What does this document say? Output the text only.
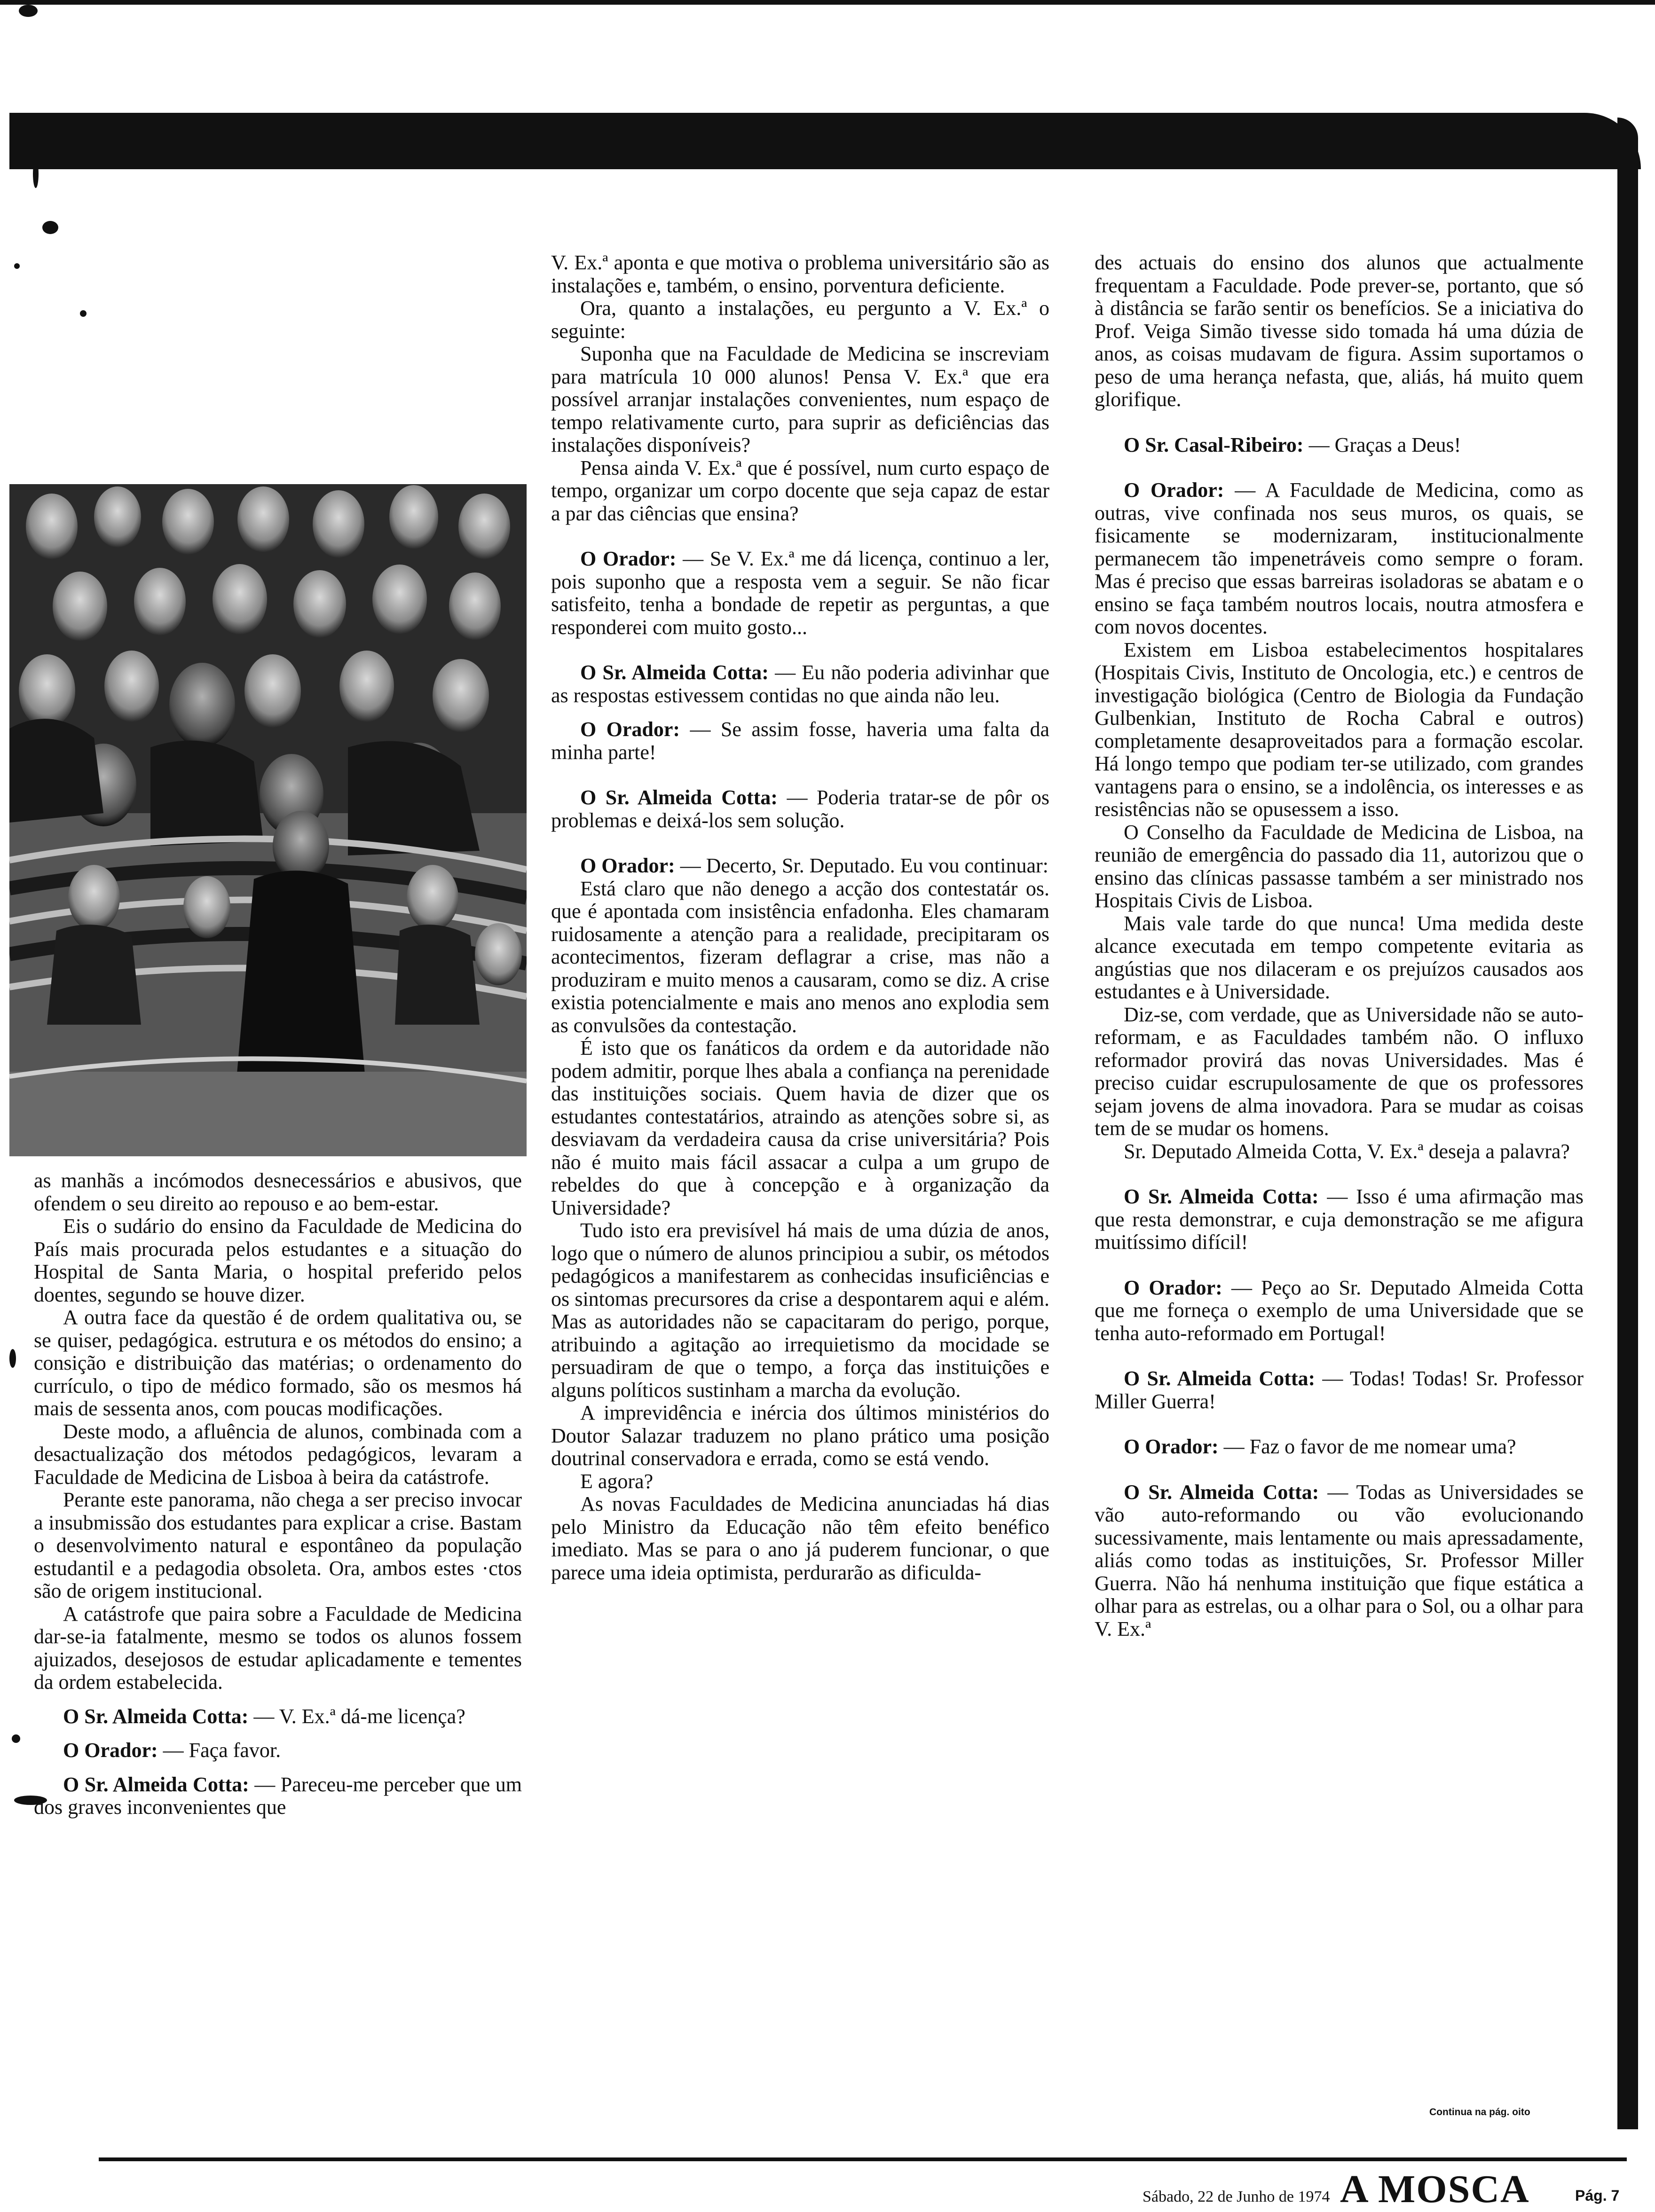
as manhãs a incómodos desnecessários e abusivos, que ofendem o seu direito ao repouso e ao bem-estar.

Eis o sudário do ensino da Faculdade de Medicina do País mais procurada pelos estudantes e a situação do Hospital de Santa Maria, o hospital preferido pelos doentes, segundo se houve dizer.

A outra face da questão é de ordem qualitativa ou, se se quiser, pedagógica. estrutura e os métodos do ensino; a consição e distribuição das matérias; o ordenamento do currículo, o tipo de médico formado, são os mesmos há mais de sessenta anos, com poucas modificações.

Deste modo, a afluência de alunos, combinada com a desactualização dos métodos pedagógicos, levaram a Faculdade de Medicina de Lisboa à beira da catástrofe.

Perante este panorama, não chega a ser preciso invocar a insubmissão dos estudantes para explicar a crise. Bastam o desenvolvimento natural e espontâneo da população estudantil e a pedagodia obsoleta. Ora, ambos estes ·ctos são de origem institucional.

A catástrofe que paira sobre a Faculdade de Medicina dar-se-ia fatalmente, mesmo se todos os alunos fossem ajuizados, desejosos de estudar aplicadamente e tementes da ordem estabelecida.

O Sr. Almeida Cotta: — V. Ex.ª dá-me licença?

O Orador: — Faça favor.

O Sr. Almeida Cotta: — Pareceu-me perceber que um dos graves inconvenientes que

V. Ex.ª aponta e que motiva o problema universitário são as instalações e, também, o ensino, porventura deficiente.

Ora, quanto a instalações, eu pergunto a V. Ex.ª o seguinte:

Suponha que na Faculdade de Medicina se inscreviam para matrícula 10 000 alunos! Pensa V. Ex.ª que era possível arranjar instalações convenientes, num espaço de tempo relativamente curto, para suprir as deficiências das instalações disponíveis?

Pensa ainda V. Ex.ª que é possível, num curto espaço de tempo, organizar um corpo docente que seja capaz de estar a par das ciências que ensina?

O Orador: — Se V. Ex.ª me dá licença, continuo a ler, pois suponho que a resposta vem a seguir. Se não ficar satisfeito, tenha a bondade de repetir as perguntas, a que responderei com muito gosto...

O Sr. Almeida Cotta: — Eu não poderia adivinhar que as respostas estivessem contidas no que ainda não leu.

O Orador: — Se assim fosse, haveria uma falta da minha parte!

O Sr. Almeida Cotta: — Poderia tratar-se de pôr os problemas e deixá-los sem solução.

O Orador: — Decerto, Sr. Deputado. Eu vou continuar:

Está claro que não denego a acção dos contestatár os. que é apontada com insistência enfadonha. Eles chamaram ruidosamente a atenção para a realidade, precipitaram os acontecimentos, fizeram deflagrar a crise, mas não a produziram e muito menos a causaram, como se diz. A crise existia potencialmente e mais ano menos ano explodia sem as convulsões da contestação.

É isto que os fanáticos da ordem e da autoridade não podem admitir, porque lhes abala a confiança na perenidade das instituições sociais. Quem havia de dizer que os estudantes contestatários, atraindo as atenções sobre si, as desviavam da verdadeira causa da crise universitária? Pois não é muito mais fácil assacar a culpa a um grupo de rebeldes do que à concepção e à organização da Universidade?

Tudo isto era previsível há mais de uma dúzia de anos, logo que o número de alunos principiou a subir, os métodos pedagógicos a manifestarem as conhecidas insuficiências e os sintomas precursores da crise a despontarem aqui e além. Mas as autoridades não se capacitaram do perigo, porque, atribuindo a agitação ao irrequietismo da mocidade se persuadiram de que o tempo, a força das instituições e alguns políticos sustinham a marcha da evolução.

A imprevidência e inércia dos últimos ministérios do Doutor Salazar traduzem no plano prático uma posição doutrinal conservadora e errada, como se está vendo.

E agora?

As novas Faculdades de Medicina anunciadas há dias pelo Ministro da Educação não têm efeito benéfico imediato. Mas se para o ano já puderem funcionar, o que parece uma ideia optimista, perdurarão as dificulda-

des actuais do ensino dos alunos que actualmente frequentam a Faculdade. Pode prever-se, portanto, que só à distância se farão sentir os benefícios. Se a iniciativa do Prof. Veiga Simão tivesse sido tomada há uma dúzia de anos, as coisas mudavam de figura. Assim suportamos o peso de uma herança nefasta, que, aliás, há muito quem glorifique.

O Sr. Casal-Ribeiro: — Graças a Deus!

O Orador: — A Faculdade de Medicina, como as outras, vive confinada nos seus muros, os quais, se fisicamente se modernizaram, institucionalmente permanecem tão impenetráveis como sempre o foram. Mas é preciso que essas barreiras isoladoras se abatam e o ensino se faça também noutros locais, noutra atmosfera e com novos docentes.

Existem em Lisboa estabelecimentos hospitalares (Hospitais Civis, Instituto de Oncologia, etc.) e centros de investigação biológica (Centro de Biologia da Fundação Gulbenkian, Instituto de Rocha Cabral e outros) completamente desaproveitados para a formação escolar. Há longo tempo que podiam ter-se utilizado, com grandes vantagens para o ensino, se a indolência, os interesses e as resistências não se opusessem a isso.

O Conselho da Faculdade de Medicina de Lisboa, na reunião de emergência do passado dia 11, autorizou que o ensino das clínicas passasse também a ser ministrado nos Hospitais Civis de Lisboa.

Mais vale tarde do que nunca! Uma medida deste alcance executada em tempo competente evitaria as angústias que nos dilaceram e os prejuízos causados aos estudantes e à Universidade.

Diz-se, com verdade, que as Universidade não se auto-reformam, e as Faculdades também não. O influxo reformador provirá das novas Universidades. Mas é preciso cuidar escrupulosamente de que os professores sejam jovens de alma inovadora. Para se mudar as coisas tem de se mudar os homens.

Sr. Deputado Almeida Cotta, V. Ex.ª deseja a palavra?

O Sr. Almeida Cotta: — Isso é uma afirmação mas que resta demonstrar, e cuja demonstração se me afigura muitíssimo difícil!

O Orador: — Peço ao Sr. Deputado Almeida Cotta que me forneça o exemplo de uma Universidade que se tenha auto-reformado em Portugal!

O Sr. Almeida Cotta: — Todas! Todas! Sr. Professor Miller Guerra!

O Orador: — Faz o favor de me nomear uma?

O Sr. Almeida Cotta: — Todas as Universidades se vão auto-reformando ou vão evolucionando sucessivamente, mais lentamente ou mais apressadamente, aliás como todas as instituições, Sr. Professor Miller Guerra. Não há nenhuma instituição que fique estática a olhar para as estrelas, ou a olhar para o Sol, ou a olhar para V. Ex.ª

Continua na pág. oito
Sábado, 22 de Junho de 1974 A MOSCA	Pág. 7
